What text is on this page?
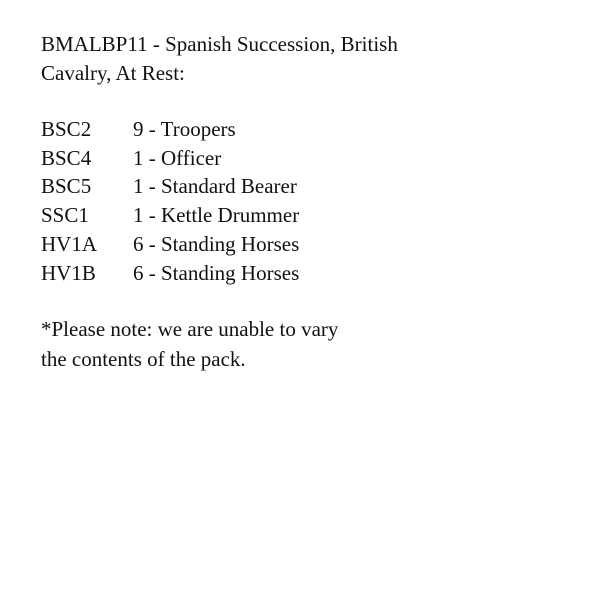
BMALBP11 - Spanish Succession, British
Cavalry, At Rest:
BSC2	9 - Troopers
BSC4	1 - Officer
BSC5	1 - Standard Bearer
SSC1	1 - Kettle Drummer
HV1A	6 - Standing Horses
HV1B	6 - Standing Horses
*Please note: we are unable to vary
the contents of the pack.
